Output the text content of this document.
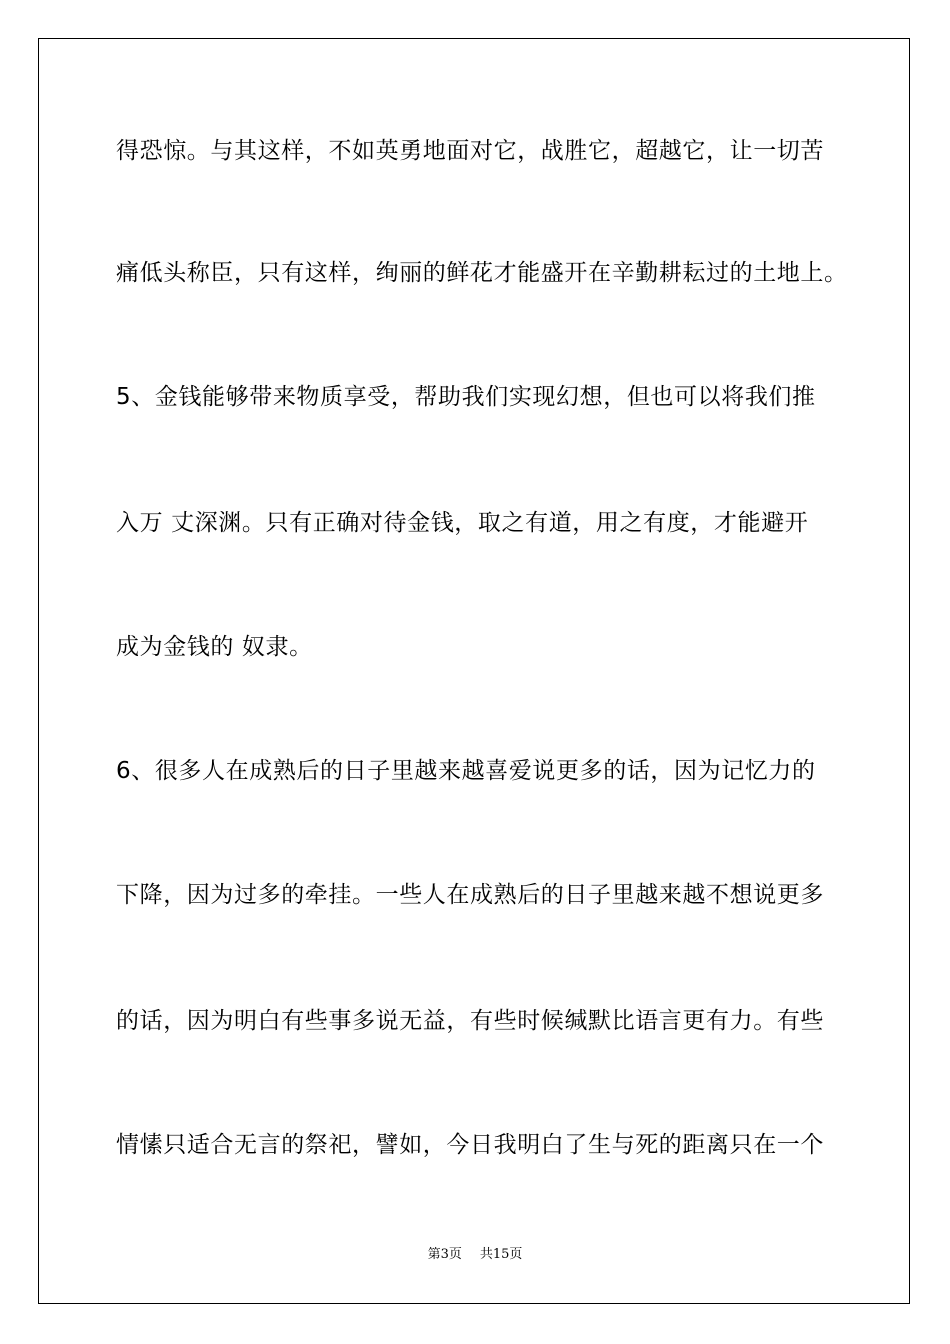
得恐惊。与其这样，不如英勇地面对它，战胜它，超越它，让一切苦
痛低头称臣，只有这样，绚丽的鲜花才能盛开在辛勤耕耘过的土地上。
5、金钱能够带来物质享受，帮助我们实现幻想，但也可以将我们推
入万 丈深渊。只有正确对待金钱，取之有道，用之有度，才能避开
成为金钱的 奴隶。
6、很多人在成熟后的日子里越来越喜爱说更多的话，因为记忆力的
下降，因为过多的牵挂。一些人在成熟后的日子里越来越不想说更多
的话，因为明白有些事多说无益，有些时候缄默比语言更有力。有些
情愫只适合无言的祭祀，譬如，今日我明白了生与死的距离只在一个
第3页 共15页
